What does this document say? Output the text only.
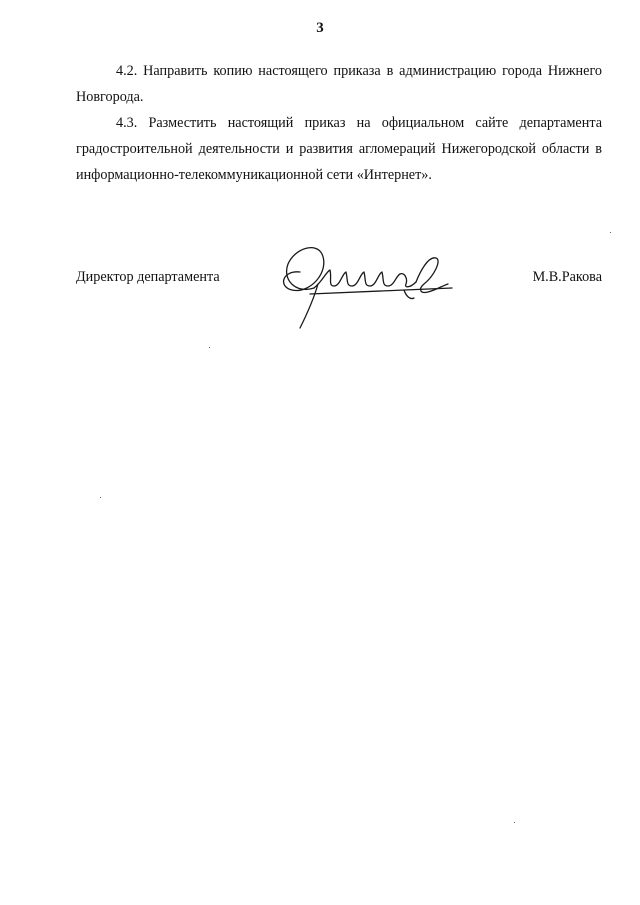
3

4.2. Направить копию настоящего приказа в администрацию города Нижнего Новгорода.

4.3. Разместить настоящий приказ на официальном сайте департамента градостроительной деятельности и развития агломераций Нижегородской области в информационно-телекоммуникационной сети «Интернет».

Директор департамента	М.В.Ракова
